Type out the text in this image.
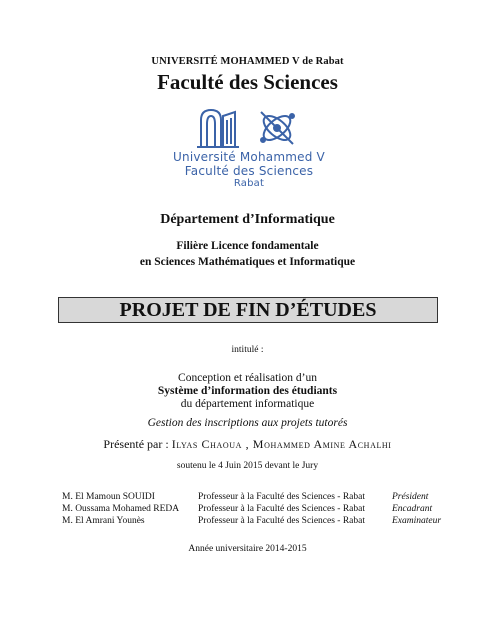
UNIVERSITÉ MOHAMMED V de Rabat
Faculté des Sciences
Université Mohammed V
Faculté des Sciences
Rabat
Département d’Informatique
Filière Licence fondamentale
en Sciences Mathématiques et Informatique
PROJET DE FIN D’ÉTUDES
intitulé :
Conception et réalisation d’un
Système d’information des étudiants
du département informatique
Gestion des inscriptions aux projets tutorés
Présenté par : Ilyas Chaoua , Mohammed Amine Achalhi
soutenu le 4 Juin 2015 devant le Jury
M. El Mamoun SOUIDI	Professeur à la Faculté des Sciences - Rabat	Président
M. Oussama Mohamed REDA Professeur à la Faculté des Sciences - Rabat	Encadrant
M. El Amrani Younès	Professeur à la Faculté des Sciences - Rabat	Examinateur
Année universitaire 2014-2015
